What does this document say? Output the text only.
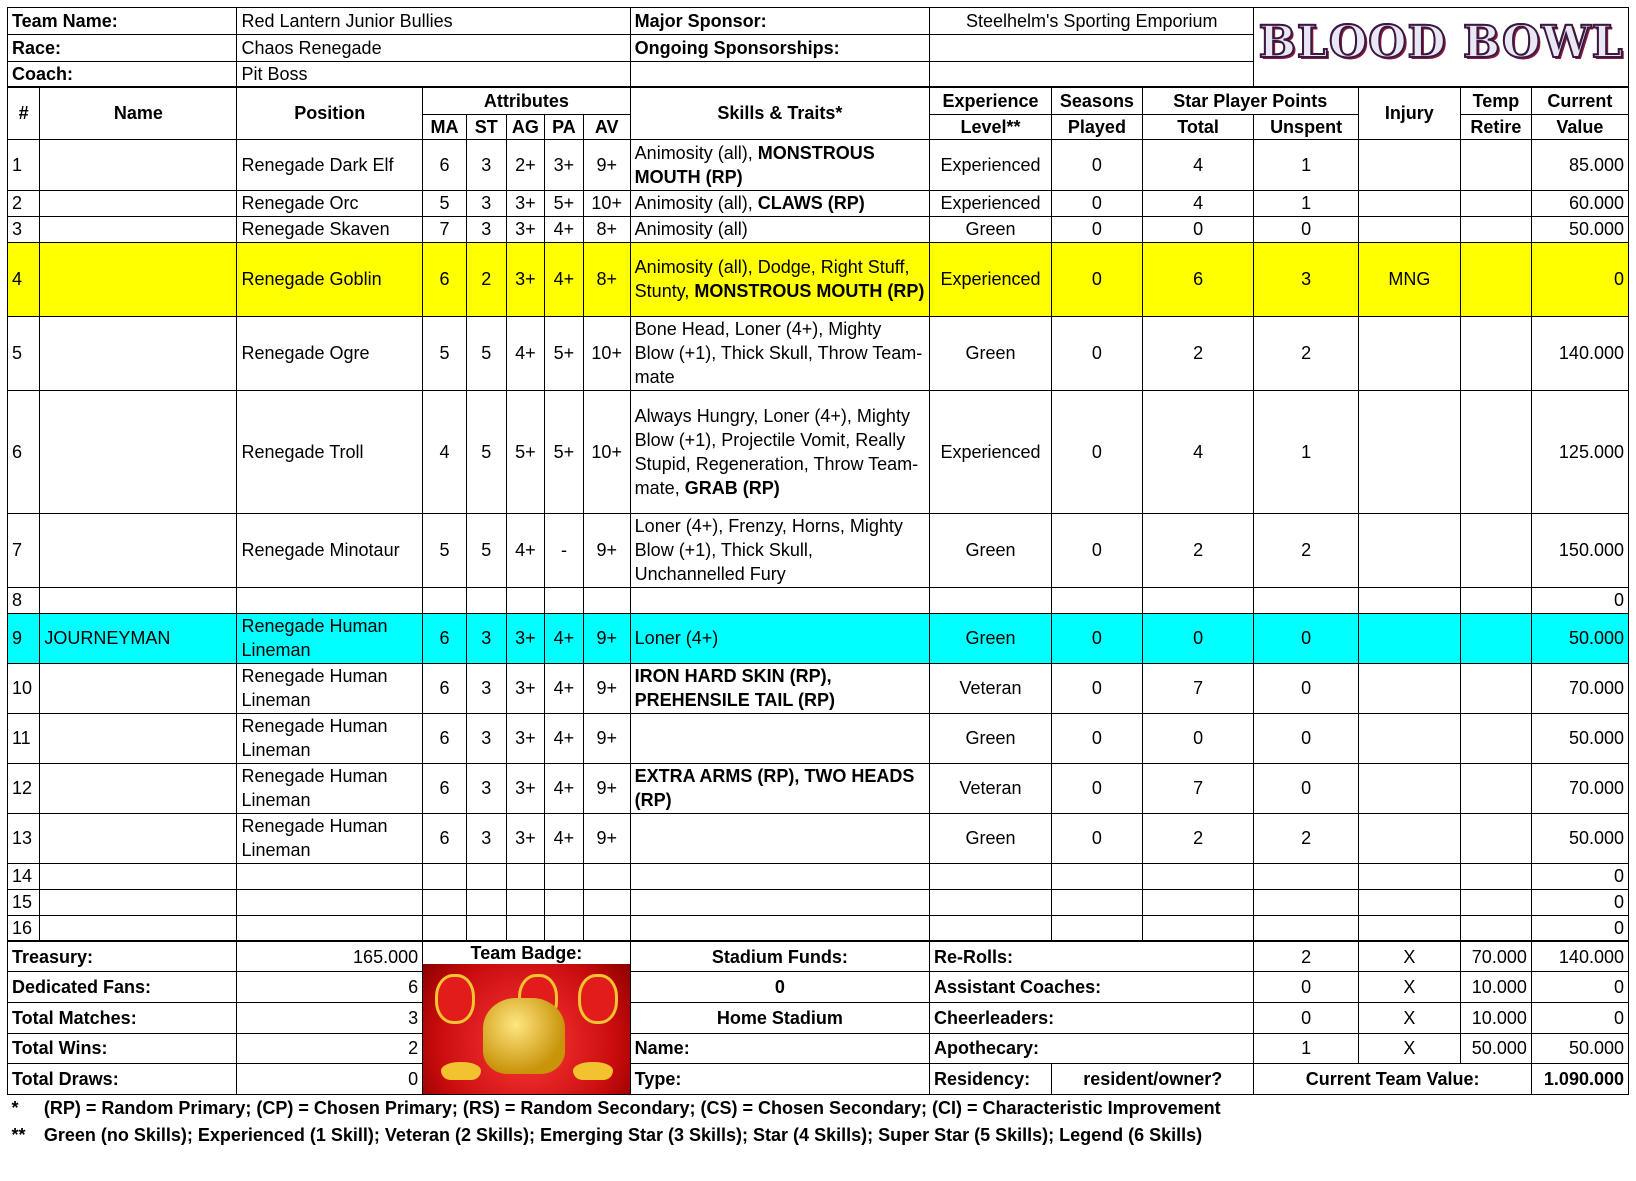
Team Name:		Red Lantern Junior Bullies						Major Sponsor:	Steelhelm's Sporting Emporium			BLOOD BOWL			
Race:		Chaos Renegade						Ongoing Sponsorships:							
Coach:		Pit Boss													
#	Name	Position	Attributes					Skills & Traits*	Experience	Seasons	Star Player Points		Injury	Temp	Current
			MA	ST	AG	PA	AV		Level**	Played	Total	Unspent		Retire	Value
1		Renegade Dark Elf	6	3	2+	3+	9+	Animosity (all), MONSTROUS MOUTH (RP)	Experienced	0	4	1			85.000
2		Renegade Orc	5	3	3+	5+	10+	Animosity (all), CLAWS (RP)	Experienced	0	4	1			60.000
3		Renegade Skaven	7	3	3+	4+	8+	Animosity (all)	Green	0	0	0			50.000
4		Renegade Goblin	6	2	3+	4+	8+	Animosity (all), Dodge, Right Stuff, Stunty, MONSTROUS MOUTH (RP)	Experienced	0	6	3	MNG		0
5		Renegade Ogre	5	5	4+	5+	10+	Bone Head, Loner (4+), Mighty Blow (+1), Thick Skull, Throw Team-mate	Green	0	2	2			140.000
6		Renegade Troll	4	5	5+	5+	10+	Always Hungry, Loner (4+), Mighty Blow (+1), Projectile Vomit, Really Stupid, Regeneration, Throw Team-mate, GRAB (RP)	Experienced	0	4	1			125.000
7		Renegade Minotaur	5	5	4+	-	9+	Loner (4+), Frenzy, Horns, Mighty Blow (+1), Thick Skull, Unchannelled Fury	Green	0	2	2			150.000
8															0
9	JOURNEYMAN	Renegade Human Lineman	6	3	3+	4+	9+	Loner (4+)	Green	0	0	0			50.000
10		Renegade Human Lineman	6	3	3+	4+	9+	IRON HARD SKIN (RP), PREHENSILE TAIL (RP)	Veteran	0	7	0			70.000
11		Renegade Human Lineman	6	3	3+	4+	9+		Green	0	0	0			50.000
12		Renegade Human Lineman	6	3	3+	4+	9+	EXTRA ARMS (RP), TWO HEADS (RP)	Veteran	0	7	0			70.000
13		Renegade Human Lineman	6	3	3+	4+	9+		Green	0	2	2			50.000
14															0
15															0
16															0
Treasury:		165.000	Team Badge:					Stadium Funds:	Re-Rolls:			2	X	70.000	140.000
Dedicated Fans:		6						0	Assistant Coaches:			0	X	10.000	0
Total Matches:		3						Home Stadium	Cheerleaders:			0	X	10.000	0
Total Wins:		2						Name:	Apothecary:			1	X	50.000	50.000
Total Draws:		0						Type:	Residency:	resident/owner?		Current Team Value:			1.090.000
*	(RP) = Random Primary; (CP) = Chosen Primary; (RS) = Random Secondary; (CS) = Chosen Secondary; (CI) = Characteristic Improvement														
**	Green (no Skills); Experienced (1 Skill); Veteran (2 Skills); Emerging Star (3 Skills); Star (4 Skills); Super Star (5 Skills); Legend (6 Skills)														
